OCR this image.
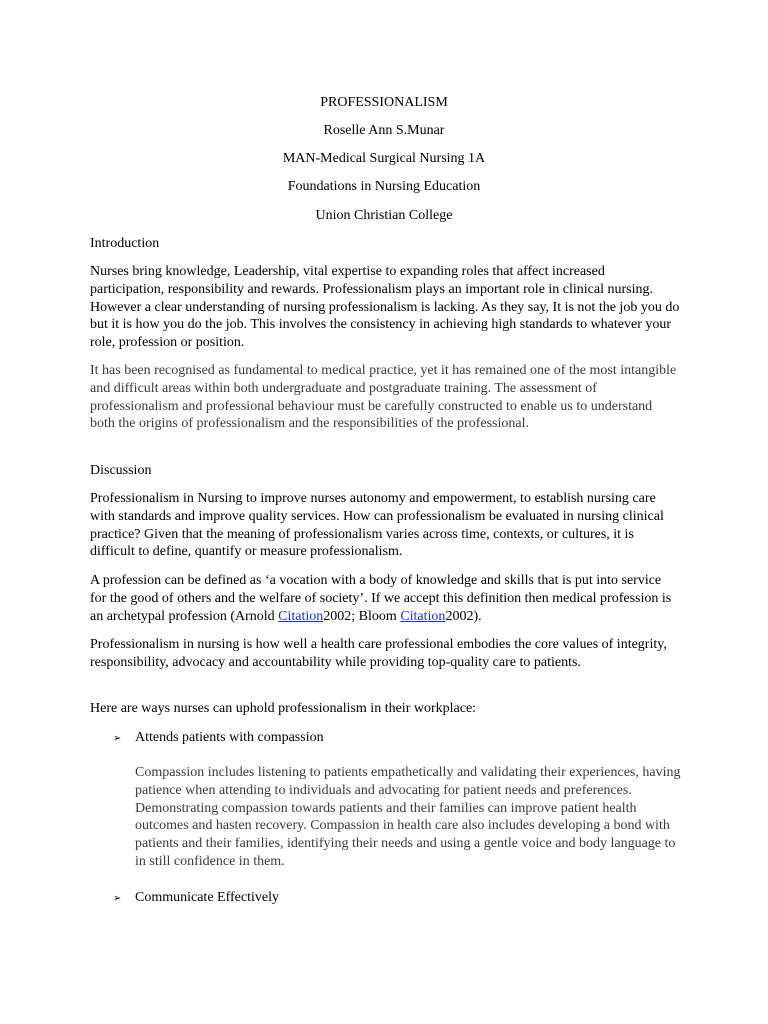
PROFESSIONALISM
Roselle Ann S.Munar
MAN-Medical Surgical Nursing 1A
Foundations in Nursing Education
Union Christian College
Introduction
Nurses bring knowledge, Leadership, vital expertise to expanding roles that affect increased participation, responsibility and rewards. Professionalism plays an important role in clinical nursing. However a clear understanding of nursing professionalism is lacking. As they say, It is not the job you do but it is how you do the job. This involves the consistency in achieving high standards to whatever your role, profession or position.
It has been recognised as fundamental to medical practice, yet it has remained one of the most intangible and difficult areas within both undergraduate and postgraduate training. The assessment of professionalism and professional behaviour must be carefully constructed to enable us to understand both the origins of professionalism and the responsibilities of the professional.
Discussion
Professionalism in Nursing to improve nurses autonomy and empowerment, to establish nursing care with standards and improve quality services. How can professionalism be evaluated in nursing clinical practice? Given that the meaning of professionalism varies across time, contexts, or cultures, it is difficult to define, quantify or measure professionalism.
A profession can be defined as ‘a vocation with a body of knowledge and skills that is put into service for the good of others and the welfare of society’. If we accept this definition then medical profession is an archetypal profession (Arnold Citation2002; Bloom Citation2002).
Professionalism in nursing is how well a health care professional embodies the core values of integrity, responsibility, advocacy and accountability while providing top-quality care to patients.
Here are ways nurses can uphold professionalism in their workplace:
➢ Attends patients with compassion
Compassion includes listening to patients empathetically and validating their experiences, having patience when attending to individuals and advocating for patient needs and preferences. Demonstrating compassion towards patients and their families can improve patient health outcomes and hasten recovery. Compassion in health care also includes developing a bond with patients and their families, identifying their needs and using a gentle voice and body language to in still confidence in them.
➢ Communicate Effectively
